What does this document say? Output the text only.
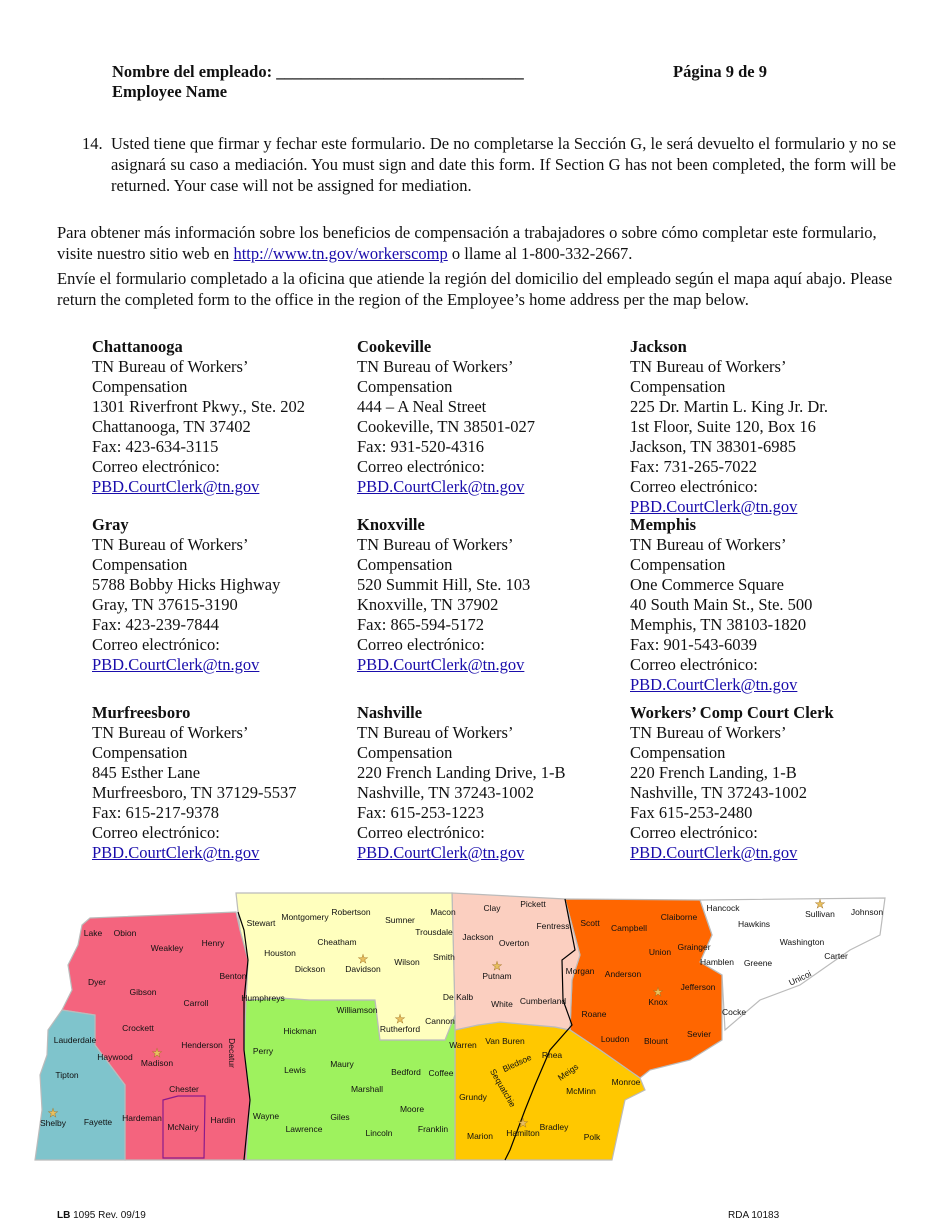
Nombre del empleado: ______________________________
Employee Name
Página 9 de 9
14. Usted tiene que firmar y fechar este formulario. De no completarse la Sección G, le será devuelto el formulario y no se asignará su caso a mediación. You must sign and date this form. If Section G has not been completed, the form will be returned. Your case will not be assigned for mediation.
Para obtener más información sobre los beneficios de compensación a trabajadores o sobre cómo completar este formulario, visite nuestro sitio web en http://www.tn.gov/workerscomp o llame al 1-800-332-2667.
Envíe el formulario completado a la oficina que atiende la región del domicilio del empleado según el mapa aquí abajo. Please return the completed form to the office in the region of the Employee’s home address per the map below.
Chattanooga
TN Bureau of Workers’
Compensation
1301 Riverfront Pkwy., Ste. 202
Chattanooga, TN 37402
Fax: 423-634-3115
Correo electrónico:
PBD.CourtClerk@tn.gov
Cookeville
TN Bureau of Workers’
Compensation
444 – A Neal Street
Cookeville, TN 38501-027
Fax: 931-520-4316
Correo electrónico:
PBD.CourtClerk@tn.gov
Jackson
TN Bureau of Workers’
Compensation
225 Dr. Martin L. King Jr. Dr.
1st Floor, Suite 120, Box 16
Jackson, TN 38301-6985
Fax: 731-265-7022
Correo electrónico:
PBD.CourtClerk@tn.gov
Gray
TN Bureau of Workers’
Compensation
5788 Bobby Hicks Highway
Gray, TN 37615-3190
Fax: 423-239-7844
Correo electrónico:
PBD.CourtClerk@tn.gov
Knoxville
TN Bureau of Workers’
Compensation
520 Summit Hill, Ste. 103
Knoxville, TN 37902
Fax: 865-594-5172
Correo electrónico:
PBD.CourtClerk@tn.gov
Memphis
TN Bureau of Workers’
Compensation
One Commerce Square
40 South Main St., Ste. 500
Memphis, TN 38103-1820
Fax: 901-543-6039
Correo electrónico:
PBD.CourtClerk@tn.gov
Murfreesboro
TN Bureau of Workers’
Compensation
845 Esther Lane
Murfreesboro, TN 37129-5537
Fax: 615-217-9378
Correo electrónico:
PBD.CourtClerk@tn.gov
Nashville
TN Bureau of Workers’
Compensation
220 French Landing Drive, 1-B
Nashville, TN 37243-1002
Fax: 615-253-1223
Correo electrónico:
PBD.CourtClerk@tn.gov
Workers’ Comp Court Clerk
TN Bureau of Workers’
Compensation
220 French Landing, 1-B
Nashville, TN 37243-1002
Fax 615-253-2480
Correo electrónico:
PBD.CourtClerk@tn.gov
★
★
★
★
★
★
★
★
Lake Obion
Weakley Henry
Dyer
Gibson
Carroll
Benton
Crockett
Lauderdale
Haywood
Madison
Henderson Decatur
Tipton
Chester
Shelby Fayette Hardeman
McNairy
Hardin
Stewart
Montgomery Robertson
Sumner
Macon
Trousdale
Cheatham
Houston
Dickson Davidson
Wilson Smith
Humphreys
Williamson
De Kalb
Rutherford
Cannon
Hickman
Perry
Warren
Maury
Lewis	Bedford Coffee
Marshall
Wayne	Giles
Moore
Lawrence	Lincoln	Franklin
Clay Pickett
Fentress
Jackson
Overton
Putnam
White Cumberland
Van Buren
Bledsoe
Sequatchie
Rhea
Meigs
Grundy
McMinn
Monroe
Marion Hamilton
Bradley
Polk
Scott Campbell
Claiborne
Union
Morgan Anderson
Knox
Jefferson
Roane
Loudon Blount
Sevier
Hancock
Hawkins
Sullivan Johnson
Grainger
Hamblen Greene
Washington
Carter
Unicoi
Cocke
LB 1095 Rev. 09/19	RDA 10183
